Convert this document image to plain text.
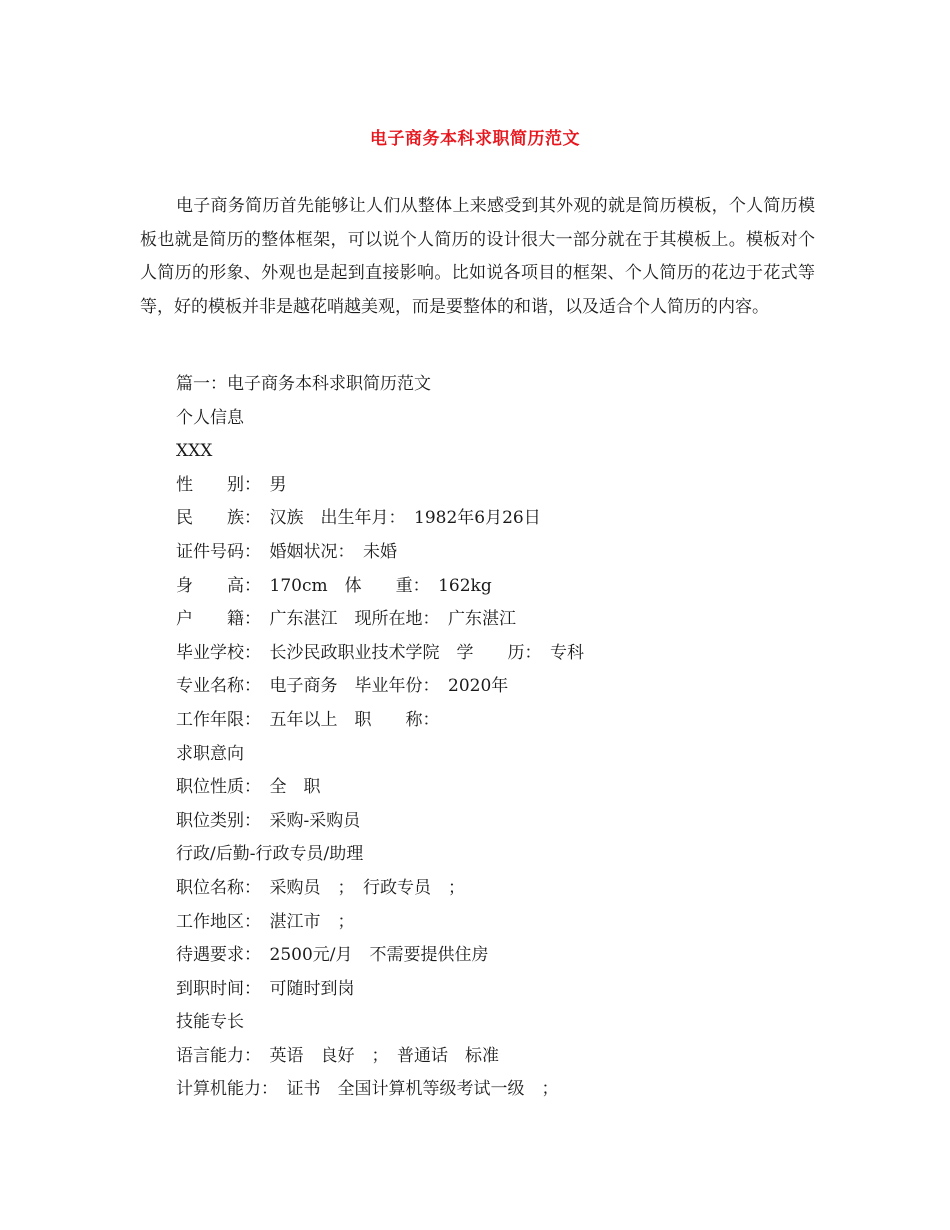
电子商务本科求职简历范文

电子商务简历首先能够让人们从整体上来感受到其外观的就是简历模板，个人简历模板也就是简历的整体框架，可以说个人简历的设计很大一部分就在于其模板上。模板对个人简历的形象、外观也是起到直接影响。比如说各项目的框架、个人简历的花边于花式等等，好的模板并非是越花哨越美观，而是要整体的和谐，以及适合个人简历的内容。

篇一：电子商务本科求职简历范文
个人信息
XXX
性　　别：　男
民　　族：　汉族　出生年月：　1982年6月26日
证件号码：　婚姻状况：　未婚
身　　高：　170cm　体　　重：　162kg
户　　籍：　广东湛江　现所在地：　广东湛江
毕业学校：　长沙民政职业技术学院　学　　历：　专科
专业名称：　电子商务　毕业年份：　2020年
工作年限：　五年以上　职　　称：
求职意向
职位性质：　全　职
职位类别：　采购-采购员
行政/后勤-行政专员/助理
职位名称：　采购员　；　行政专员　；
工作地区：　湛江市　；
待遇要求：　2500元/月　不需要提供住房
到职时间：　可随时到岗
技能专长
语言能力：　英语　良好　；　普通话　标准
计算机能力：　证书　全国计算机等级考试一级　；
